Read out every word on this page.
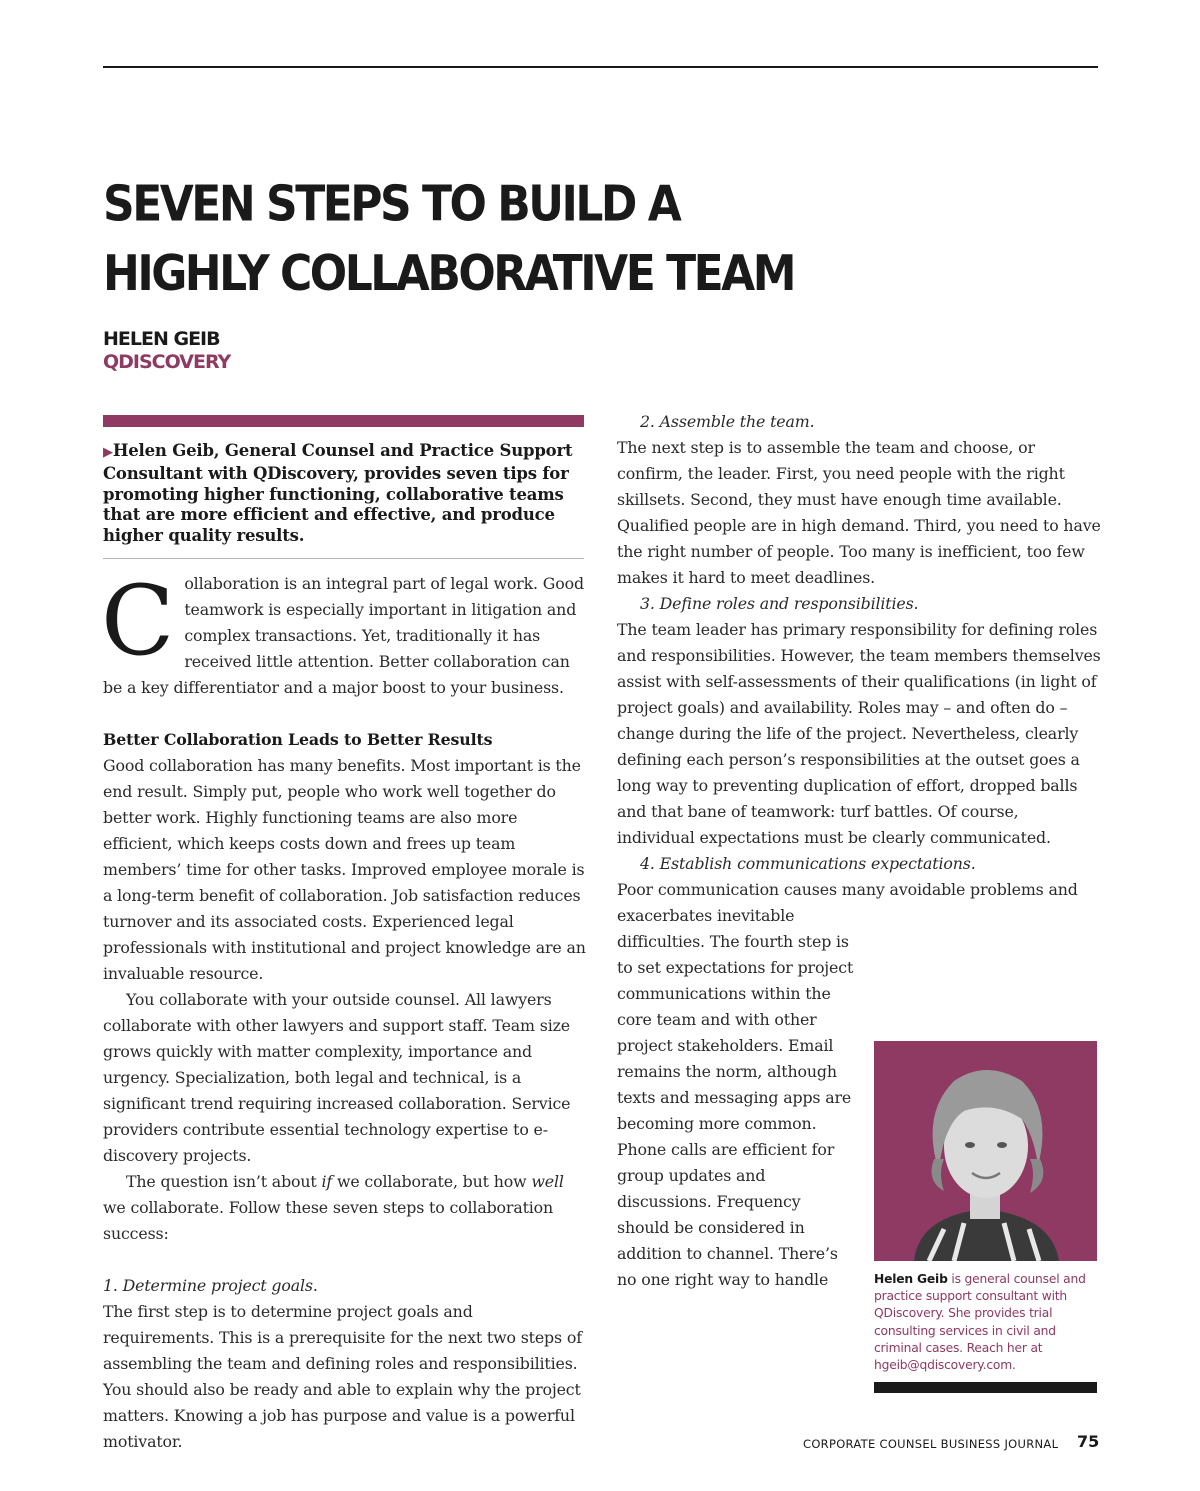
SEVEN STEPS TO BUILD A HIGHLY COLLABORATIVE TEAM
HELEN GEIB
QDISCOVERY

▶Helen Geib, General Counsel and Practice Support Consultant with QDiscovery, provides seven tips for promoting higher functioning, collaborative teams that are more efficient and effective, and produce higher quality results.

C ollaboration is an integral part of legal work. Good teamwork is especially important in litigation and complex transactions. Yet, traditionally it has received little attention. Better collaboration can be a key differentiator and a major boost to your business.

Better Collaboration Leads to Better Results

Good collaboration has many benefits. Most important is the end result. Simply put, people who work well together do better work. Highly functioning teams are also more efficient, which keeps costs down and frees up team members’ time for other tasks. Improved employee morale is a long-term benefit of collaboration. Job satisfaction reduces turnover and its associated costs. Experienced legal professionals with institutional and project knowledge are an invaluable resource.

You collaborate with your outside counsel. All lawyers collaborate with other lawyers and support staff. Team size grows quickly with matter complexity, importance and urgency. Specialization, both legal and technical, is a significant trend requiring increased collaboration. Service providers contribute essential technology expertise to e-discovery projects.

The question isn’t about if we collaborate, but how well we collaborate. Follow these seven steps to collaboration success:

1. Determine project goals.

The first step is to determine project goals and requirements. This is a prerequisite for the next two steps of assembling the team and defining roles and responsibilities. You should also be ready and able to explain why the project matters. Knowing a job has purpose and value is a powerful motivator.

2. Assemble the team.

The next step is to assemble the team and choose, or confirm, the leader. First, you need people with the right skillsets. Second, they must have enough time available. Qualified people are in high demand. Third, you need to have the right number of people. Too many is inefficient, too few makes it hard to meet deadlines.

3. Define roles and responsibilities.

The team leader has primary responsibility for defining roles and responsibilities. However, the team members themselves assist with self-assessments of their qualifications (in light of project goals) and availability. Roles may – and often do – change during the life of the project. Nevertheless, clearly defining each person’s responsibilities at the outset goes a long way to preventing duplication of effort, dropped balls and that bane of teamwork: turf battles. Of course, individual expectations must be clearly communicated.

4. Establish communications expectations.

Poor communication causes many avoidable problems and

exacerbates inevitable difficulties. The fourth step is to set expectations for project communications within the core team and with other project stakeholders. Email remains the norm, although texts and messaging apps are becoming more common. Phone calls are efficient for group updates and discussions. Frequency should be considered in addition to channel. There’s no one right way to handle	Helen Geib is general counsel and practice support consultant with QDiscovery. She provides trial consulting services in civil and criminal cases. Reach her at hgeib@qdiscovery.com.
CORPORATE COUNSEL BUSINESS JOURNAL 75
